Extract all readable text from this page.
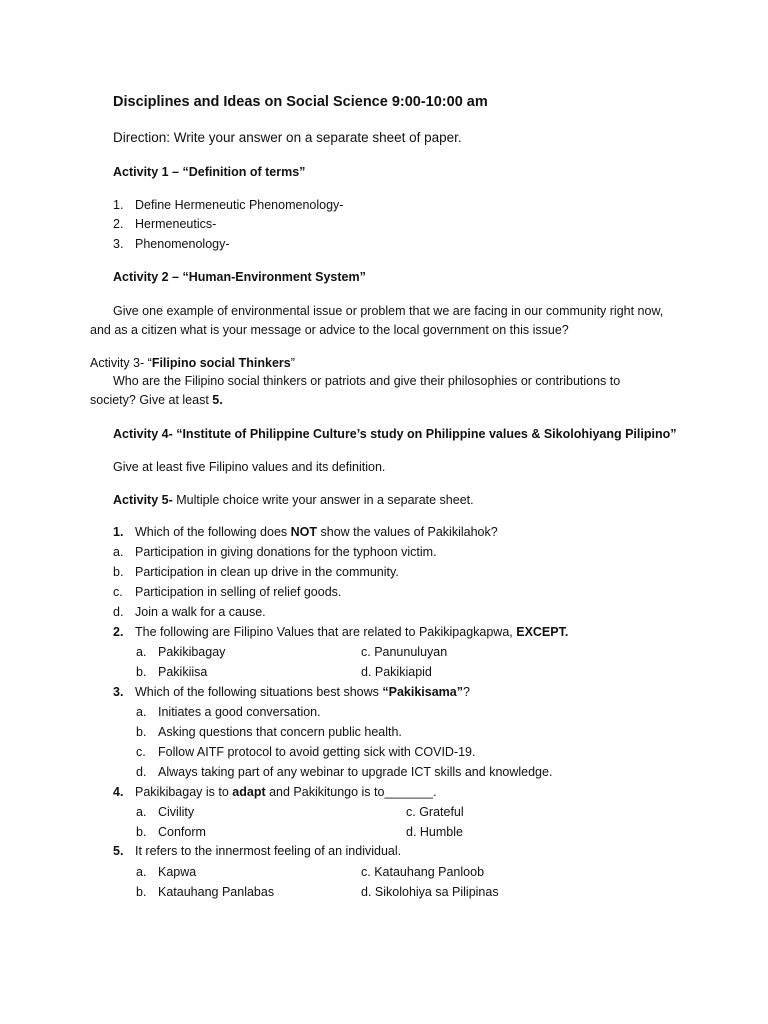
Disciplines and Ideas on Social Science 9:00-10:00 am
Direction: Write your answer on a separate sheet of paper.
Activity 1 – “Definition of terms”
1. Define Hermeneutic Phenomenology-
2. Hermeneutics-
3. Phenomenology-
Activity 2 – “Human-Environment System”
Give one example of environmental issue or problem that we are facing in our community right now,
and as a citizen what is your message or advice to the local government on this issue?
Activity 3- “Filipino social Thinkers”
Who are the Filipino social thinkers or patriots and give their philosophies or contributions to
society? Give at least 5.
Activity 4- “Institute of Philippine Culture’s study on Philippine values & Sikolohiyang Pilipino”
Give at least five Filipino values and its definition.
Activity 5- Multiple choice write your answer in a separate sheet.
1. Which of the following does NOT show the values of Pakikilahok?
a. Participation in giving donations for the typhoon victim.
b. Participation in clean up drive in the community.
c. Participation in selling of relief goods.
d. Join a walk for a cause.
2. The following are Filipino Values that are related to Pakikipagkapwa, EXCEPT.
a. Pakikibagay	c. Panunuluyan
b. Pakikiisa	d. Pakikiapid
3. Which of the following situations best shows “Pakikisama”?
a. Initiates a good conversation.
b. Asking questions that concern public health.
c. Follow AITF protocol to avoid getting sick with COVID-19.
d. Always taking part of any webinar to upgrade ICT skills and knowledge.
4. Pakikibagay is to adapt and Pakikitungo is to_______.
a. Civility	c. Grateful
b. Conform	d. Humble
5. It refers to the innermost feeling of an individual.
a. Kapwa	c. Katauhang Panloob
b. Katauhang Panlabas	d. Sikolohiya sa Pilipinas
